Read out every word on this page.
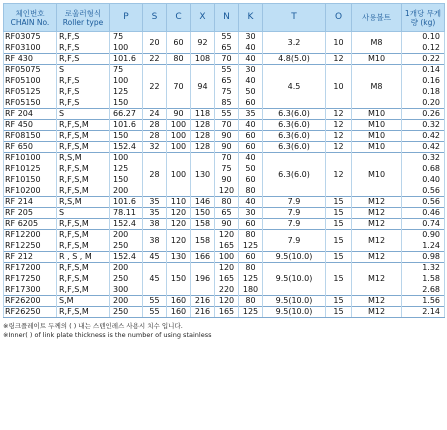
체인번호
CHAIN No.	로울러형식
Roller type	P	S	C	X	N	K	T	O	사용볼트	1개당 무게
량 (kg)
RF03075	R,F,S	75	20	60	92	55	30	3.2	10	M8	0.10
RF03100	R,F,S	100				65	40				0.12
RF 430	R,F,S	101.6	22	80	108	70	40	4.8(5.0)	12	M10	0.22
RF05075	S	75	22	70	94	55	30	4.5	10	M8	0.14
RF05100	R,F,S	100				65	40				0.16
RF05125	R,F,S	125				75	50				0.18
RF05150	R,F,S	150				85	60				0.20
RF 204	S	66.27	24	90	118	55	35	6.3(6.0)	12	M10	0.26
RF 450	R,F,S,M	101.6	28	100	128	70	40	6.3(6.0)	12	M10	0.32
RF08150	R,F,S,M	150	28	100	128	90	60	6.3(6.0)	12	M10	0.42
RF 650	R,F,S,M	152.4	32	100	128	90	60	6.3(6.0)	12	M10	0.42
RF10100	R,S,M	100	28	100	130	70	40	6.3(6.0)	12	M10	0.32
RF10125	R,F,S,M	125				75	50				0.68
RF10150	R,F,S,M	150				90	60				0.40
RF10200	R,F,S,M	200				120	80				0.56
RF 214	R,S,M	101.6	35	110	146	80	40	7.9	15	M12	0.56
RF 205	S	78.11	35	120	150	65	30	7.9	15	M12	0.46
RF 6205	R,F,S,M	152.4	38	120	158	90	60	7.9	15	M12	0.74
RF12200	R,F,S,M	200	38	120	158	120	80	7.9	15	M12	0.90
RF12250	R,F,S,M	250				165	125				1.24
RF 212	R , S , M	152.4	45	130	166	100	60	9.5(10.0)	15	M12	0.98
RF17200	R,F,S,M	200	45	150	196	120	80	9.5(10.0)	15	M12	1.32
RF17250	R,F,S,M	250				165	125				1.58
RF17300	R,F,S,M	300				220	180				2.68
RF26200	S,M	200	55	160	216	120	80	9.5(10.0)	15	M12	1.56
RF26250	R,F,S,M	250	55	160	216	165	125	9.5(10.0)	15	M12	2.14
※링크플레이트 두께의 ( ) 내는 스텐인레스 사용시 치수 입니다.
※Inner( ) of link plate thickness is the number of using stainless
